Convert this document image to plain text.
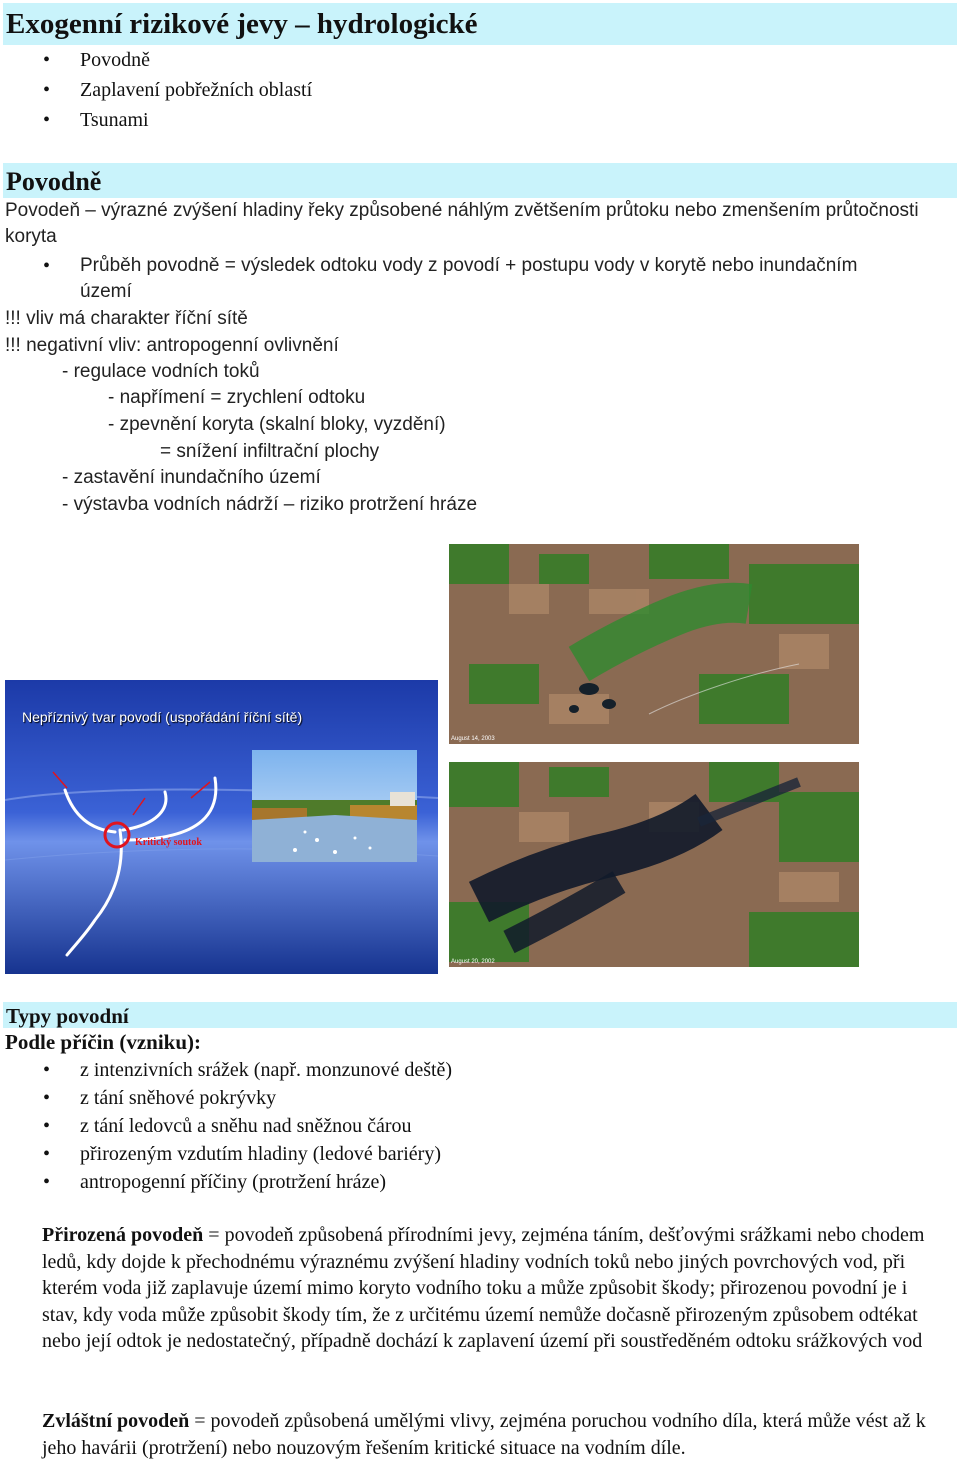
Exogenní rizikové jevy – hydrologické
• Povodně
• Zaplavení pobřežních oblastí
• Tsunami
Povodně
Povodeň – výrazné zvýšení hladiny řeky způsobené náhlým zvětšením průtoku nebo zmenšením průtočnosti koryta
• Průběh povodně = výsledek odtoku vody z povodí + postupu vody v korytě nebo inundačním
území
!!! vliv má charakter říční sítě
!!! negativní vliv: antropogenní ovlivnění
- regulace vodních toků
- napřímení = zrychlení odtoku
- zpevnění koryta (skalní bloky, vyzdění)
= snížení infiltrační plochy
- zastavění inundačního území
- výstavba vodních nádrží – riziko protržení hráze
Nepříznivý tvar povodí (uspořádání říční sítě)
Kritický soutok
August 14, 2003
August 20, 2002
Typy povodní
Podle příčin (vzniku):
• z intenzivních srážek (např. monzunové deště)
• z tání sněhové pokrývky
• z tání ledovců a sněhu nad sněžnou čárou
• přirozeným vzdutím hladiny (ledové bariéry)
• antropogenní příčiny (protržení hráze)
Přirozená povodeň = povodeň způsobená přírodními jevy, zejména táním, dešťovými srážkami nebo chodem ledů, kdy dojde k přechodnému výraznému zvýšení hladiny vodních toků nebo jiných povrchových vod, při kterém voda již zaplavuje území mimo koryto vodního toku a může způsobit škody; přirozenou povodní je i stav, kdy voda může způsobit škody tím, že z určitému území nemůže dočasně přirozeným způsobem odtékat nebo její odtok je nedostatečný, případně dochází k zaplavení území při soustředěném odtoku srážkových vod
Zvláštní povodeň = povodeň způsobená umělými vlivy, zejména poruchou vodního díla, která může vést až k jeho havárii (protržení) nebo nouzovým řešením kritické situace na vodním díle.
